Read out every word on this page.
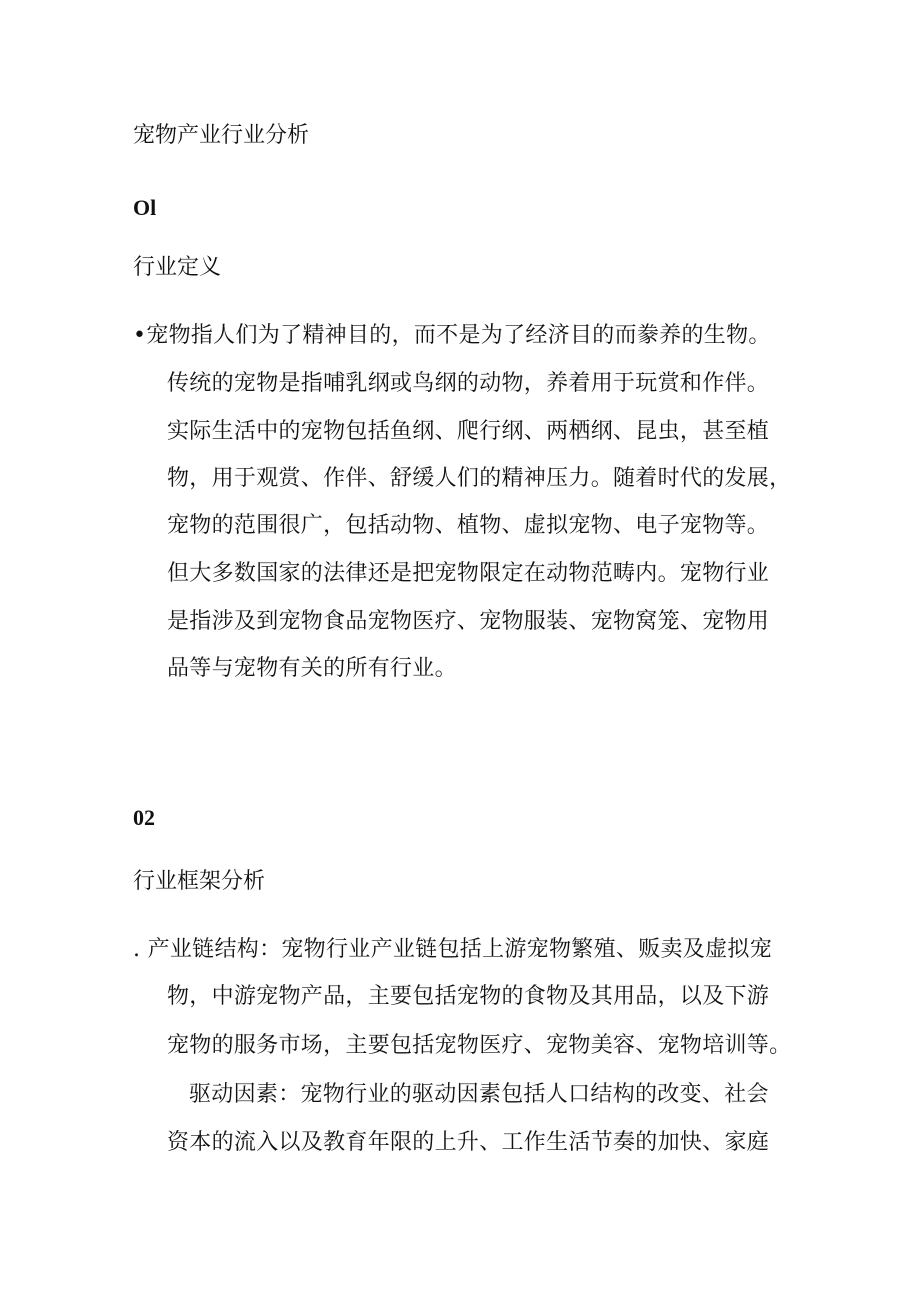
宠物产业行业分析
Ol
行业定义
•宠物指人们为了精神目的，而不是为了经济目的而豢养的生物。
传统的宠物是指哺乳纲或鸟纲的动物，养着用于玩赏和作伴。
实际生活中的宠物包括鱼纲、爬行纲、两栖纲、昆虫，甚至植
物，用于观赏、作伴、舒缓人们的精神压力。随着时代的发展，
宠物的范围很广，包括动物、植物、虚拟宠物、电子宠物等。
但大多数国家的法律还是把宠物限定在动物范畴内。宠物行业
是指涉及到宠物食品宠物医疗、宠物服装、宠物窝笼、宠物用
品等与宠物有关的所有行业。
02
行业框架分析
. 产业链结构：宠物行业产业链包括上游宠物繁殖、贩卖及虚拟宠
物，中游宠物产品，主要包括宠物的食物及其用品，以及下游
宠物的服务市场，主要包括宠物医疗、宠物美容、宠物培训等。
驱动因素：宠物行业的驱动因素包括人口结构的改变、社会
资本的流入以及教育年限的上升、工作生活节奏的加快、家庭
